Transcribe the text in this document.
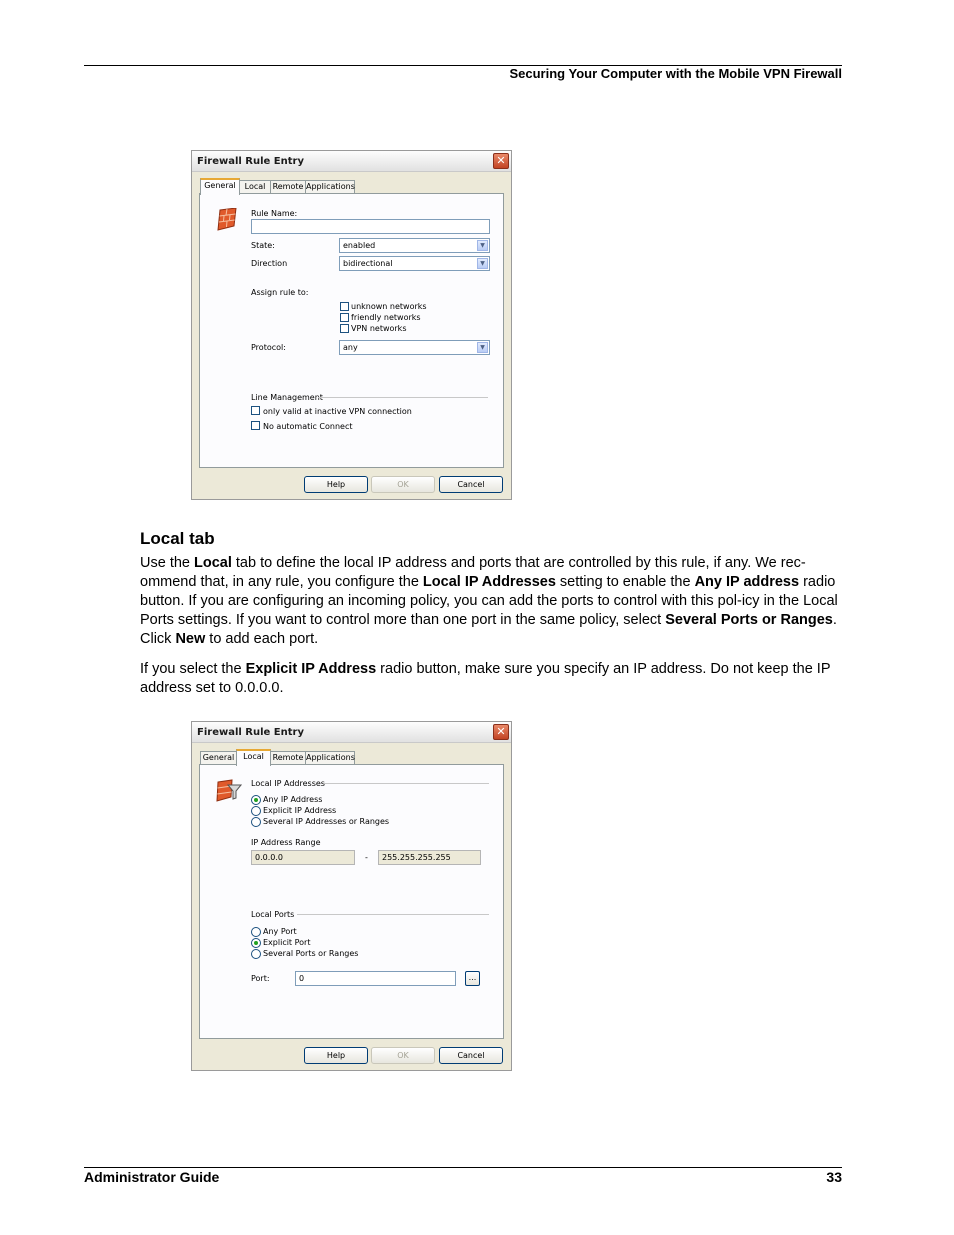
Securing Your Computer with the Mobile VPN Firewall
Firewall Rule Entry	✕
General	Local Remote Applications
Rule Name:
State:	enabled	▼
Direction	bidirectional	▼
Assign rule to:
unknown networks
friendly networks
VPN networks
Protocol:	any	▼
Line Management
only valid at inactive VPN connection
No automatic Connect
Help	OK	Cancel
Local tab

Use the Local tab to define the local IP address and ports that are controlled by this rule, if any. We rec-ommend that, in any rule, you configure the Local IP Addresses setting to enable the Any IP address radio button. If you are configuring an incoming policy, you can add the ports to control with this pol-icy in the Local Ports settings. If you want to control more than one port in the same policy, select Several Ports or Ranges. Click New to add each port.

If you select the Explicit IP Address radio button, make sure you specify an IP address. Do not keep the IP address set to 0.0.0.0.

Firewall Rule Entry	✕
General	Local	Remote Applications
Local IP Addresses
Any IP Address
Explicit IP Address
Several IP Addresses or Ranges
IP Address Range
0.0.0.0	-	255.255.255.255
Local Ports
Any Port
Explicit Port
Several Ports or Ranges
Port:	0	...
Help	OK	Cancel
Administrator Guide	33
